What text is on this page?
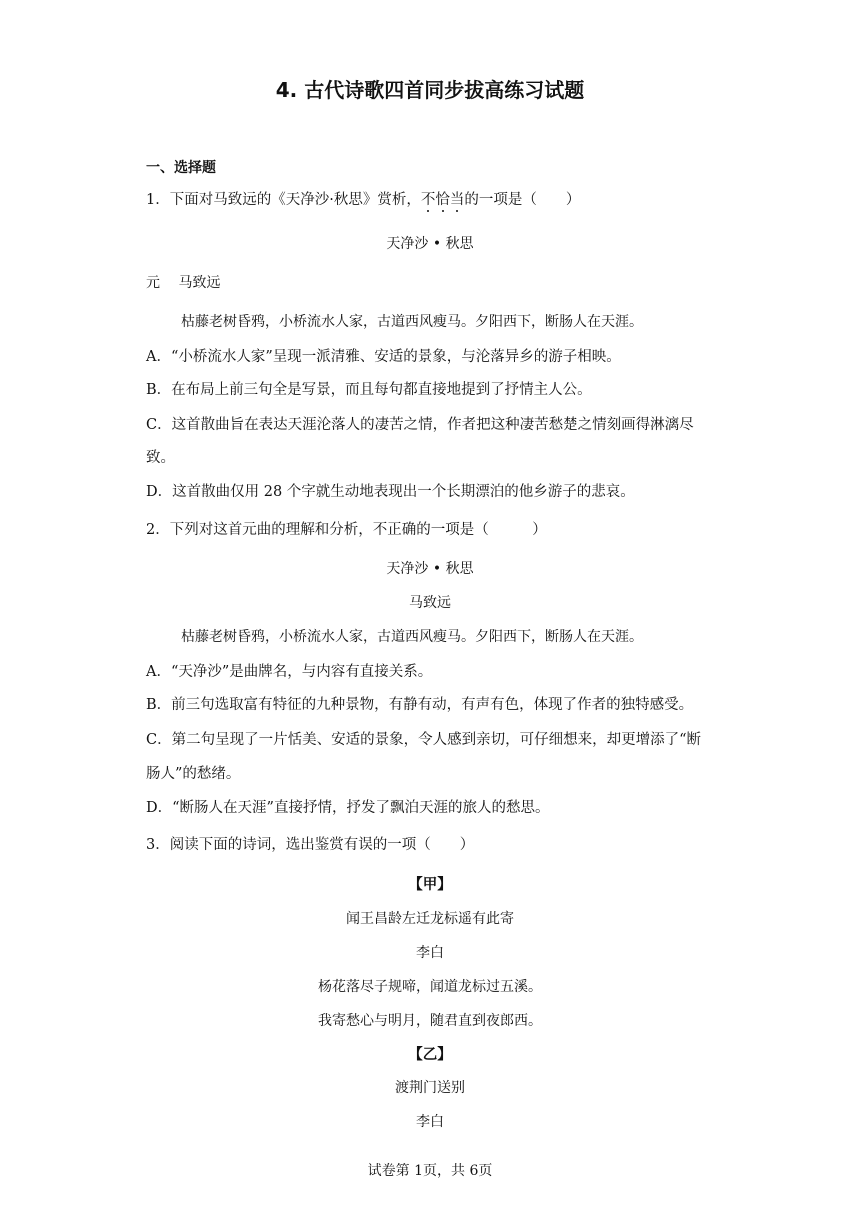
4. 古代诗歌四首同步拔高练习试题
一、选择题
1．下面对马致远的《天净沙·秋思》赏析，不恰当的一项是（　　）
天净沙 • 秋思
元　 马致远
枯藤老树昏鸦，小桥流水人家，古道西风瘦马。夕阳西下，断肠人在天涯。
A．“小桥流水人家”呈现一派清雅、安适的景象，与沦落异乡的游子相映。
B．在布局上前三句全是写景，而且每句都直接地提到了抒情主人公。
C．这首散曲旨在表达天涯沦落人的凄苦之情，作者把这种凄苦愁楚之情刻画得淋漓尽
致。
D．这首散曲仅用 28 个字就生动地表现出一个长期漂泊的他乡游子的悲哀。
2．下列对这首元曲的理解和分析，不正确的一项是（　　　）
天净沙 • 秋思
马致远
枯藤老树昏鸦，小桥流水人家，古道西风瘦马。夕阳西下，断肠人在天涯。
A．“天净沙”是曲牌名，与内容有直接关系。
B．前三句选取富有特征的九种景物，有静有动，有声有色，体现了作者的独特感受。
C．第二句呈现了一片恬美、安适的景象，令人感到亲切，可仔细想来，却更增添了“断
肠人”的愁绪。
D．“断肠人在天涯”直接抒情，抒发了飘泊天涯的旅人的愁思。
3．阅读下面的诗词，选出鉴赏有误的一项（　　）
【甲】
闻王昌龄左迁龙标遥有此寄
李白
杨花落尽子规啼，闻道龙标过五溪。
我寄愁心与明月，随君直到夜郎西。
【乙】
渡荆门送别
李白
试卷第 1页，共 6页
